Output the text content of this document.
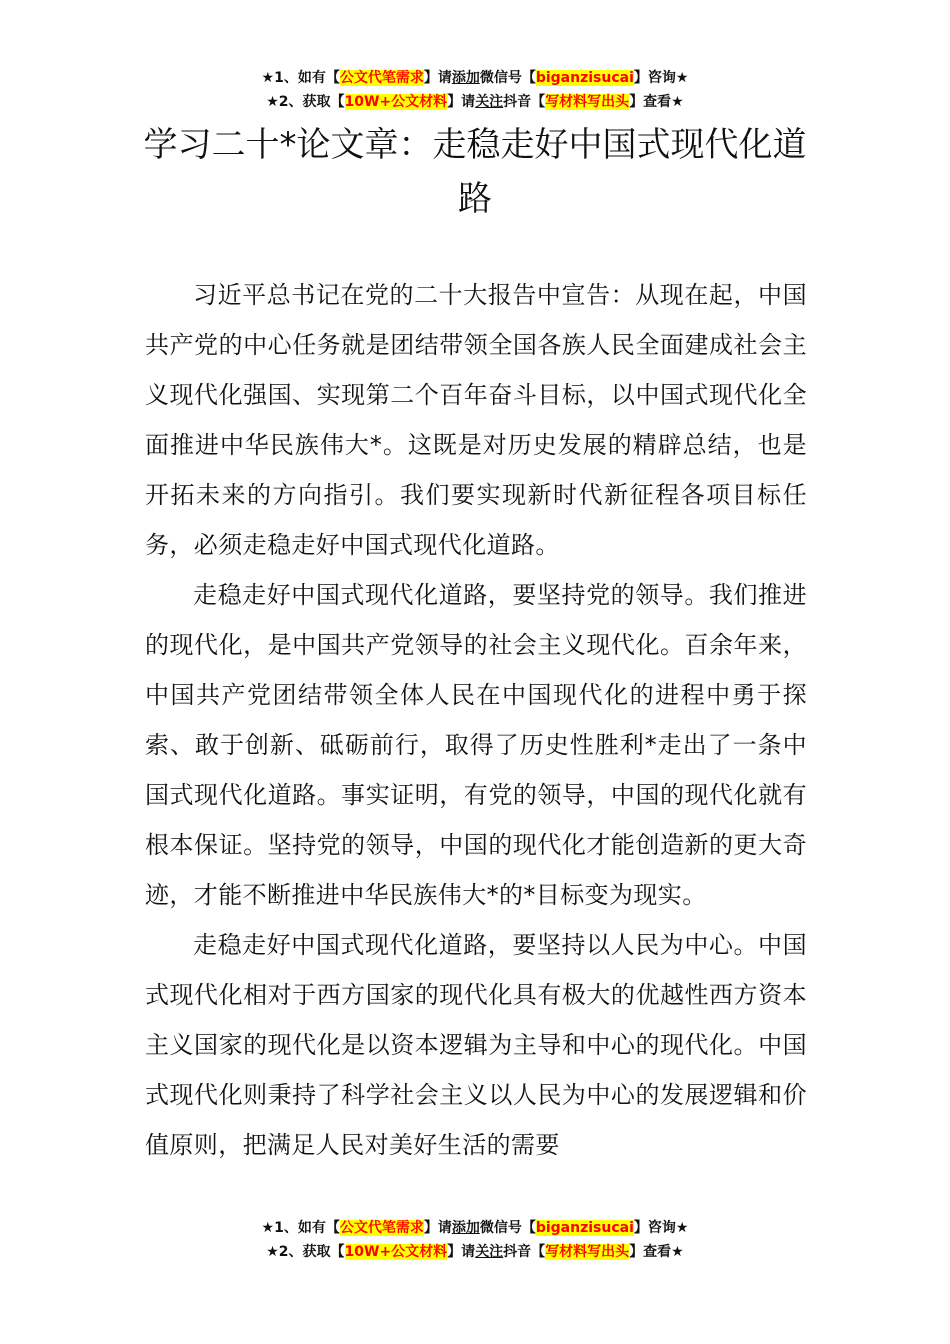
★1、如有【公文代笔需求】请添加微信号【biganzisucai】咨询★
★2、获取【10W+公文材料】请关注抖音【写材料写出头】查看★
学习二十*论文章：走稳走好中国式现代化道路

习近平总书记在党的二十大报告中宣告：从现在起，中国共产党的中心任务就是团结带领全国各族人民全面建成社会主义现代化强国、实现第二个百年奋斗目标，以中国式现代化全面推进中华民族伟大*。这既是对历史发展的精辟总结，也是开拓未来的方向指引。我们要实现新时代新征程各项目标任务，必须走稳走好中国式现代化道路。

走稳走好中国式现代化道路，要坚持党的领导。我们推进的现代化，是中国共产党领导的社会主义现代化。百余年来，中国共产党团结带领全体人民在中国现代化的进程中勇于探索、敢于创新、砥砺前行，取得了历史性胜利*走出了一条中国式现代化道路。事实证明，有党的领导，中国的现代化就有根本保证。坚持党的领导，中国的现代化才能创造新的更大奇迹，才能不断推进中华民族伟大*的*目标变为现实。

走稳走好中国式现代化道路，要坚持以人民为中心。中国式现代化相对于西方国家的现代化具有极大的优越性西方资本主义国家的现代化是以资本逻辑为主导和中心的现代化。中国式现代化则秉持了科学社会主义以人民为中心的发展逻辑和价值原则，把满足人民对美好生活的需要

★1、如有【公文代笔需求】请添加微信号【biganzisucai】咨询★
★2、获取【10W+公文材料】请关注抖音【写材料写出头】查看★
